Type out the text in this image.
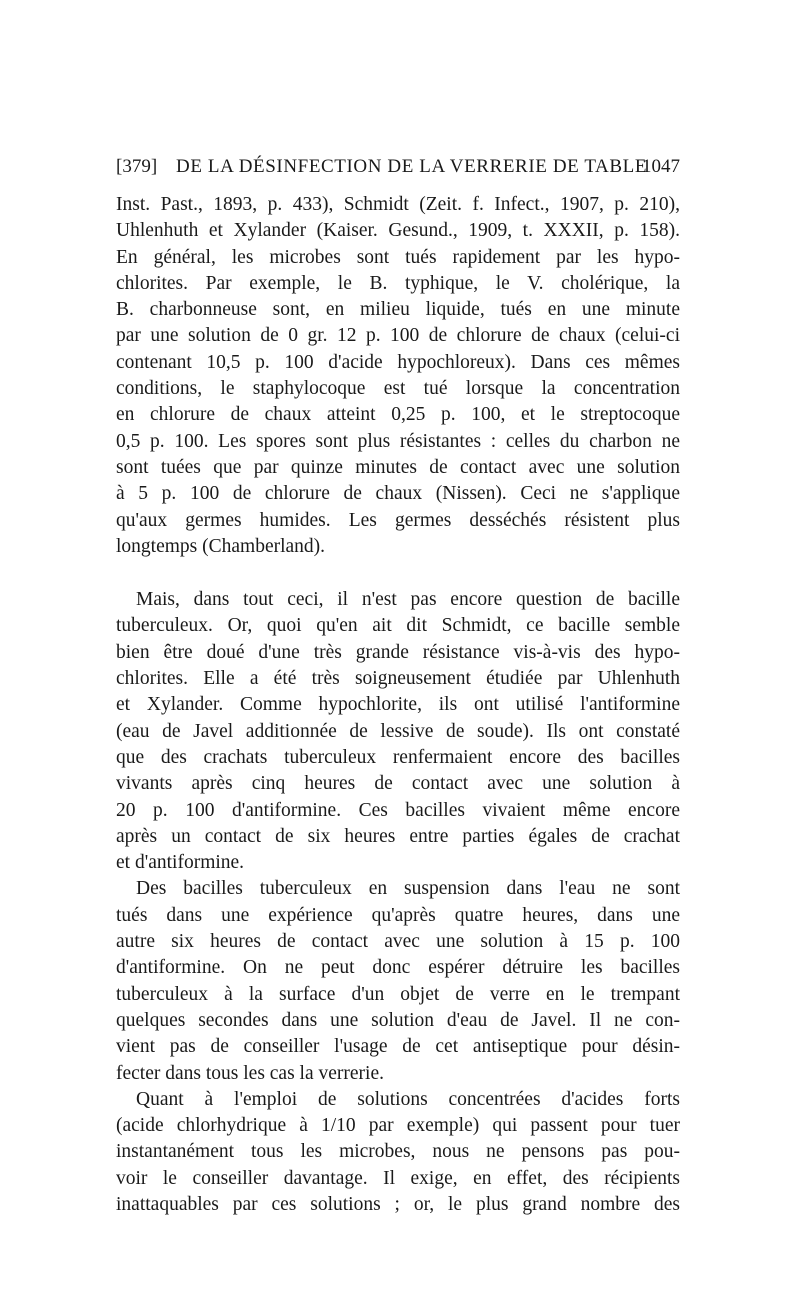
[379] DE LA DÉSINFECTION DE LA VERRERIE DE TABLE
1047
Inst. Past., 1893, p. 433), Schmidt (Zeit. f. Infect., 1907, p. 210),
Uhlenhuth et Xylander (Kaiser. Gesund., 1909, t. XXXII, p. 158).
En général, les microbes sont tués rapidement par les hypo-
chlorites. Par exemple, le B. typhique, le V. cholérique, la
B. charbonneuse sont, en milieu liquide, tués en une minute
par une solution de 0 gr. 12 p. 100 de chlorure de chaux (celui-ci
contenant 10,5 p. 100 d'acide hypochloreux). Dans ces mêmes
conditions, le staphylocoque est tué lorsque la concentration
en chlorure de chaux atteint 0,25 p. 100, et le streptocoque
0,5 p. 100. Les spores sont plus résistantes : celles du charbon ne
sont tuées que par quinze minutes de contact avec une solution
à 5 p. 100 de chlorure de chaux (Nissen). Ceci ne s'applique
qu'aux germes humides. Les germes desséchés résistent plus
longtemps (Chamberland).
Mais, dans tout ceci, il n'est pas encore question de bacille
tuberculeux. Or, quoi qu'en ait dit Schmidt, ce bacille semble
bien être doué d'une très grande résistance vis-à-vis des hypo-
chlorites. Elle a été très soigneusement étudiée par Uhlenhuth
et Xylander. Comme hypochlorite, ils ont utilisé l'antiformine
(eau de Javel additionnée de lessive de soude). Ils ont constaté
que des crachats tuberculeux renfermaient encore des bacilles
vivants après cinq heures de contact avec une solution à
20 p. 100 d'antiformine. Ces bacilles vivaient même encore
après un contact de six heures entre parties égales de crachat
et d'antiformine.
Des bacilles tuberculeux en suspension dans l'eau ne sont
tués dans une expérience qu'après quatre heures, dans une
autre six heures de contact avec une solution à 15 p. 100
d'antiformine. On ne peut donc espérer détruire les bacilles
tuberculeux à la surface d'un objet de verre en le trempant
quelques secondes dans une solution d'eau de Javel. Il ne con-
vient pas de conseiller l'usage de cet antiseptique pour désin-
fecter dans tous les cas la verrerie.
Quant à l'emploi de solutions concentrées d'acides forts
(acide chlorhydrique à 1/10 par exemple) qui passent pour tuer
instantanément tous les microbes, nous ne pensons pas pou-
voir le conseiller davantage. Il exige, en effet, des récipients
inattaquables par ces solutions ; or, le plus grand nombre des
